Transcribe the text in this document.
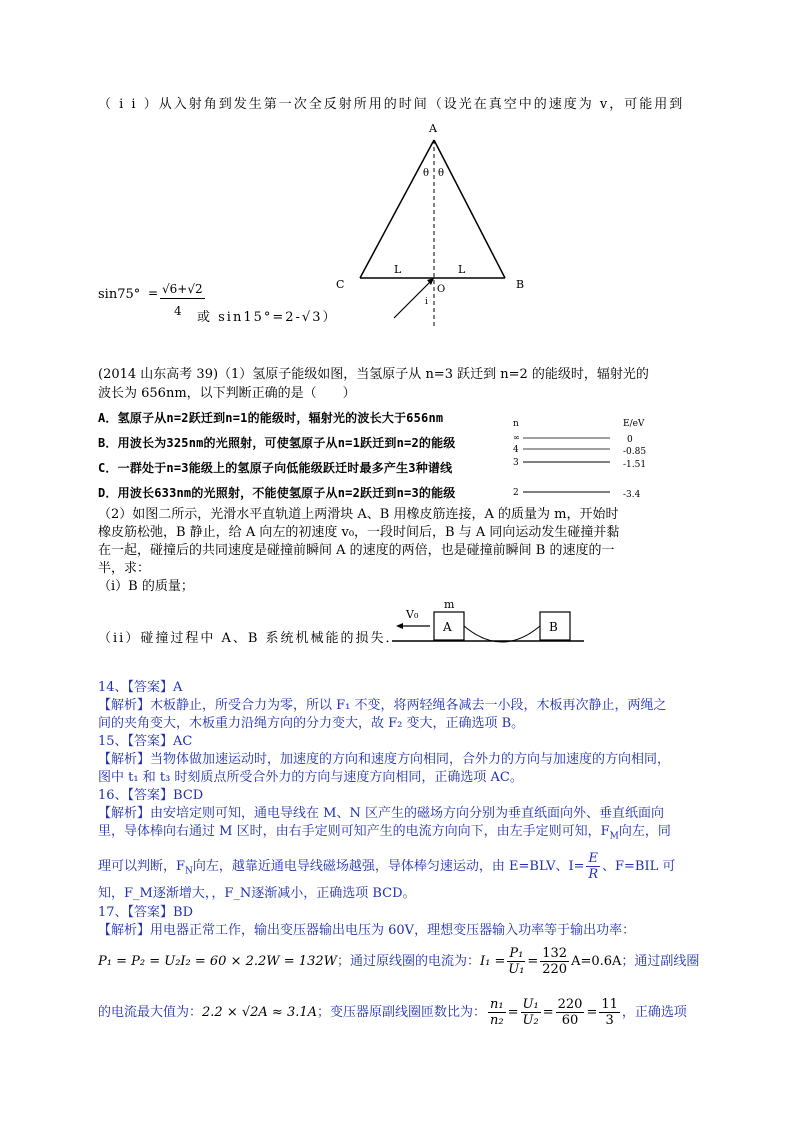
（ i i ）从入射角到发生第一次全反射所用的时间（设光在真空中的速度为 v，可能用到
A
θ θ
L	L
C	B
O
i
sin75° = √6+√2
4 或 sin15°=2-√3）
(2014 山东高考 39)（1）氢原子能级如图，当氢原子从 n=3 跃迁到 n=2 的能级时，辐射光的
波长为 656nm，以下判断正确的是（　　）
A．氢原子从n=2跃迁到n=1的能级时，辐射光的波长大于656nm
B．用波长为325nm的光照射，可使氢原子从n=1跃迁到n=2的能级
C．一群处于n=3能级上的氢原子向低能级跃迁时最多产生3种谱线
D．用波长633nm的光照射，不能使氢原子从n=2跃迁到n=3的能级
n	E/eV
∞	0
4	-0.85
3	-1.51
2	-3.4
（2）如图二所示，光滑水平直轨道上两滑块 A、B 用橡皮筋连接，A 的质量为 m，开始时
橡皮筋松弛，B 静止，给 A 向左的初速度 v₀，一段时间后，B 与 A 同向运动发生碰撞并黏
在一起，碰撞后的共同速度是碰撞前瞬间 A 的速度的两倍，也是碰撞前瞬间 B 的速度的一
半，求：
（i）B 的质量；
（ii）碰撞过程中 A、B 系统机械能的损失．
V₀
m
A	B
14、【答案】A
【解析】木板静止，所受合力为零，所以 F₁ 不变，将两轻绳各减去一小段，木板再次静止，两绳之
间的夹角变大，木板重力沿绳方向的分力变大，故 F₂ 变大，正确选项 B。
15、【答案】AC
【解析】当物体做加速运动时，加速度的方向和速度方向相同，合外力的方向与加速度的方向相同，
图中 t₁ 和 t₃ 时刻质点所受合外力的方向与速度方向相同，正确选项 AC。
16、【答案】BCD
【解析】由安培定则可知，通电导线在 M、N 区产生的磁场方向分别为垂直纸面向外、垂直纸面向
里，导体棒向右通过 M 区时，由右手定则可知产生的电流方向向下，由左手定则可知，$F_M$向左，同
理可以判断，$F_N$向左，越靠近通电导线磁场越强，导体棒匀速运动，由 E=BLV、$I= \frac{E}{R}$ 、F=BIL 可
知，F_M逐渐增大，，F_N逐渐减小，正确选项 BCD。
17、【答案】BD
【解析】用电器正常工作，输出变压器输出电压为 60V，理想变压器输入功率等于输出功率：
P₁ = P₂ = U₂I₂ = 60 × 2.2W = 132W；通过原线圈的电流为：$I_1 = \frac{\text{P₁}}{\text{U₁}} = \frac{132}{220} A=0.6A$；通过副线圈
的电流最大值为：2.2 × √2A ≈ 3.1A；变压器原副线圈匝数比为： $\frac{\text{n₁}}{\text{n₂}} = \frac{\text{U₁}}{\text{U₂}} = \frac{220}{60} = \frac{11}{3}$ ，正确选项
